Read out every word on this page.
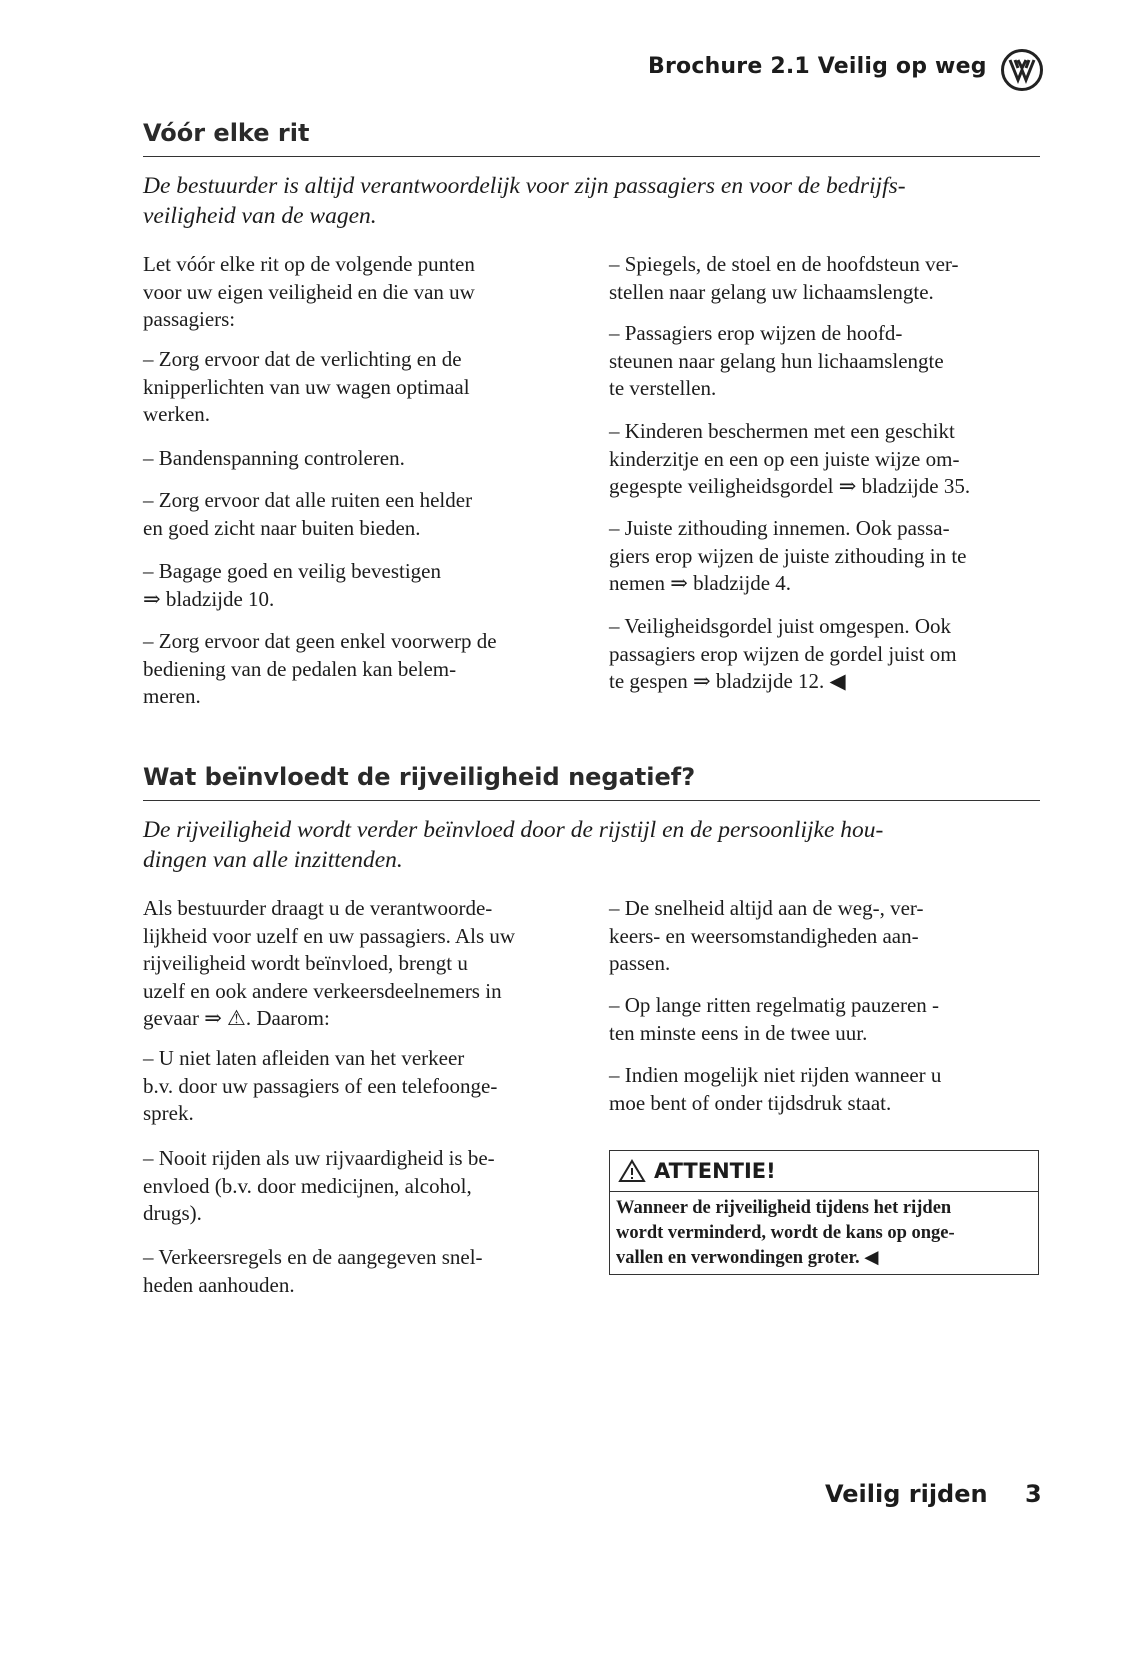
Brochure 2.1 Veilig op weg
Vóór elke rit
De bestuurder is altijd verantwoordelijk voor zijn passagiers en voor de bedrijfs-
veiligheid van de wagen.
Let vóór elke rit op de volgende punten
voor uw eigen veiligheid en die van uw
passagiers:
– Zorg ervoor dat de verlichting en de
knipperlichten van uw wagen optimaal
werken.
– Bandenspanning controleren.
– Zorg ervoor dat alle ruiten een helder
en goed zicht naar buiten bieden.
– Bagage goed en veilig bevestigen
⇒ bladzijde 10.
– Zorg ervoor dat geen enkel voorwerp de
bediening van de pedalen kan belem-
meren.
– Spiegels, de stoel en de hoofdsteun ver-
stellen naar gelang uw lichaamslengte.
– Passagiers erop wijzen de hoofd-
steunen naar gelang hun lichaamslengte
te verstellen.
– Kinderen beschermen met een geschikt
kinderzitje en een op een juiste wijze om-
gegespte veiligheidsgordel ⇒ bladzijde 35.
– Juiste zithouding innemen. Ook passa-
giers erop wijzen de juiste zithouding in te
nemen ⇒ bladzijde 4.
– Veiligheidsgordel juist omgespen. Ook
passagiers erop wijzen de gordel juist om
te gespen ⇒ bladzijde 12. ◀
Wat beïnvloedt de rijveiligheid negatief?
De rijveiligheid wordt verder beïnvloed door de rijstijl en de persoonlijke hou-
dingen van alle inzittenden.
Als bestuurder draagt u de verantwoorde-
lijkheid voor uzelf en uw passagiers. Als uw
rijveiligheid wordt beïnvloed, brengt u
uzelf en ook andere verkeersdeelnemers in
gevaar ⇒ ⚠. Daarom:
– U niet laten afleiden van het verkeer
b.v. door uw passagiers of een telefoonge-
sprek.
– Nooit rijden als uw rijvaardigheid is be-
envloed (b.v. door medicijnen, alcohol,
drugs).
– Verkeersregels en de aangegeven snel-
heden aanhouden.
– De snelheid altijd aan de weg-, ver-
keers- en weersomstandigheden aan-
passen.
– Op lange ritten regelmatig pauzeren -
ten minste eens in de twee uur.
– Indien mogelijk niet rijden wanneer u
moe bent of onder tijdsdruk staat.
ATTENTIE!
Wanneer de rijveiligheid tijdens het rijden
wordt verminderd, wordt de kans op onge-
vallen en verwondingen groter. ◀
Veilig rijden 3
